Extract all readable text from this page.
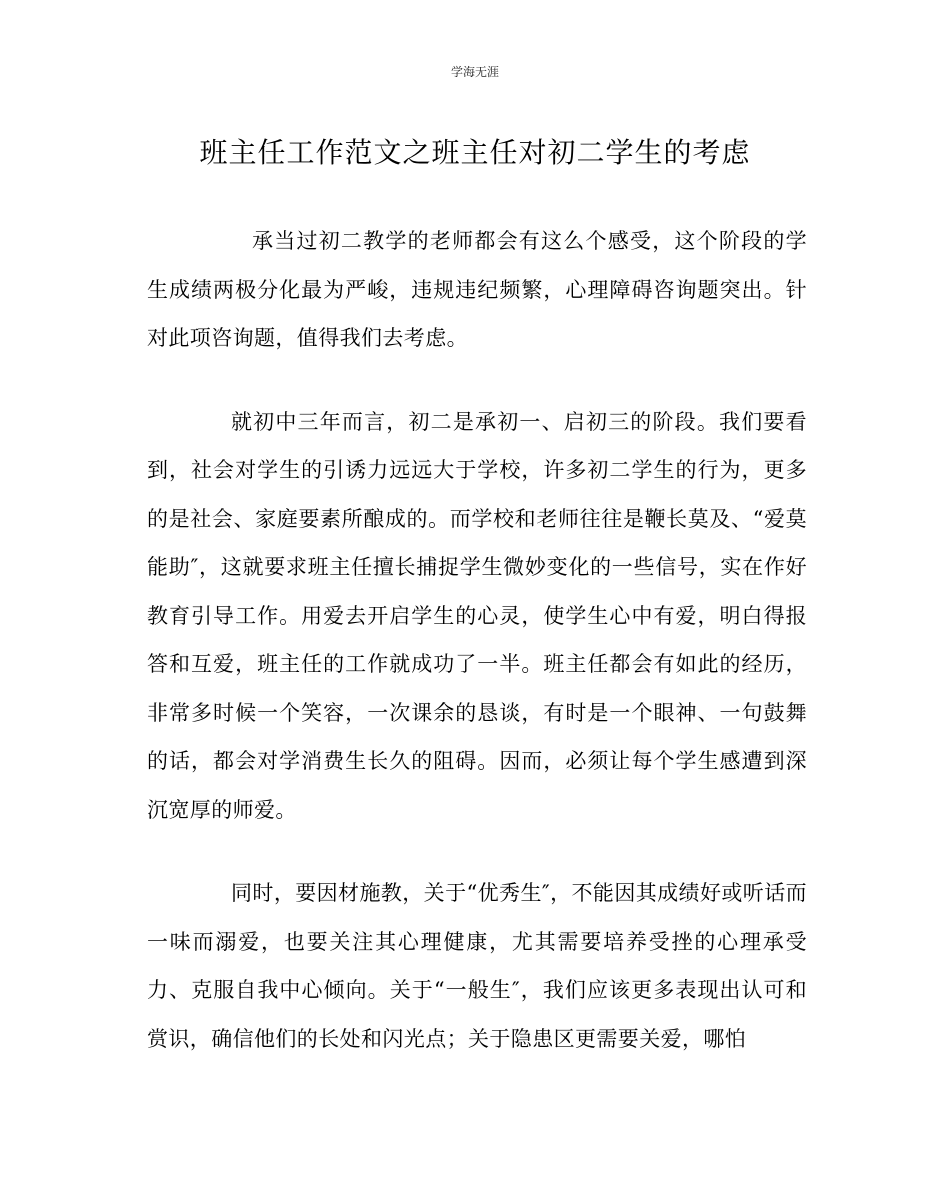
学海无涯
班主任工作范文之班主任对初二学生的考虑

承当过初二教学的老师都会有这么个感受，这个阶段的学生成绩两极分化最为严峻，违规违纪频繁，心理障碍咨询题突出。针对此项咨询题，值得我们去考虑。

就初中三年而言，初二是承初一、启初三的阶段。我们要看到，社会对学生的引诱力远远大于学校，许多初二学生的行为，更多的是社会、家庭要素所酿成的。而学校和老师往往是鞭长莫及、“爱莫能助″，这就要求班主任擅长捕捉学生微妙变化的一些信号，实在作好教育引导工作。用爱去开启学生的心灵，使学生心中有爱，明白得报答和互爱，班主任的工作就成功了一半。班主任都会有如此的经历，非常多时候一个笑容，一次课余的恳谈，有时是一个眼神、一句鼓舞的话，都会对学消费生长久的阻碍。因而，必须让每个学生感遭到深沉宽厚的师爱。

同时，要因材施教，关于“优秀生″，不能因其成绩好或听话而一味而溺爱，也要关注其心理健康，尤其需要培养受挫的心理承受力、克服自我中心倾向。关于“一般生″，我们应该更多表现出认可和赏识，确信他们的长处和闪光点；关于隐患区更需要关爱，哪怕
